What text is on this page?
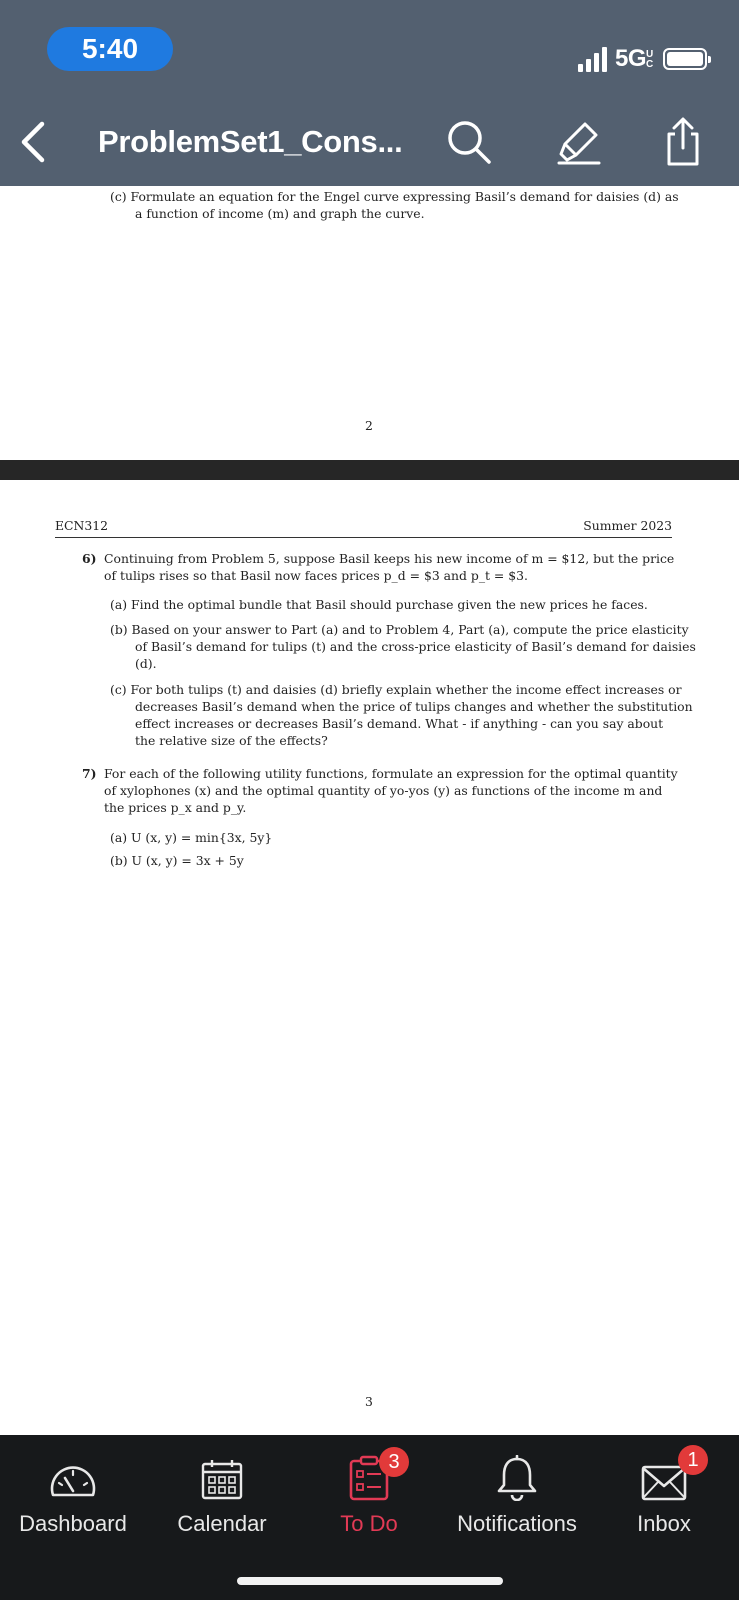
5:40	5GUC
ProblemSet1_Cons...
(c) Formulate an equation for the Engel curve expressing Basil’s demand for daisies (d) as
a function of income (m) and graph the curve.
2
ECN312	Summer 2023
6) Continuing from Problem 5, suppose Basil keeps his new income of m = $12, but the price
of tulips rises so that Basil now faces prices p_d = $3 and p_t = $3.
(a) Find the optimal bundle that Basil should purchase given the new prices he faces.
(b) Based on your answer to Part (a) and to Problem 4, Part (a), compute the price elasticity
of Basil’s demand for tulips (t) and the cross-price elasticity of Basil’s demand for daisies
(d).
(c) For both tulips (t) and daisies (d) briefly explain whether the income effect increases or
decreases Basil’s demand when the price of tulips changes and whether the substitution
effect increases or decreases Basil’s demand. What - if anything - can you say about
the relative size of the effects?
7) For each of the following utility functions, formulate an expression for the optimal quantity
of xylophones (x) and the optimal quantity of yo-yos (y) as functions of the income m and
the prices p_x and p_y.
(a) U (x, y) = min{3x, 5y}
(b) U (x, y) = 3x + 5y
3
Dashboard Calendar
3
To Do	Notifications
1
Inbox
